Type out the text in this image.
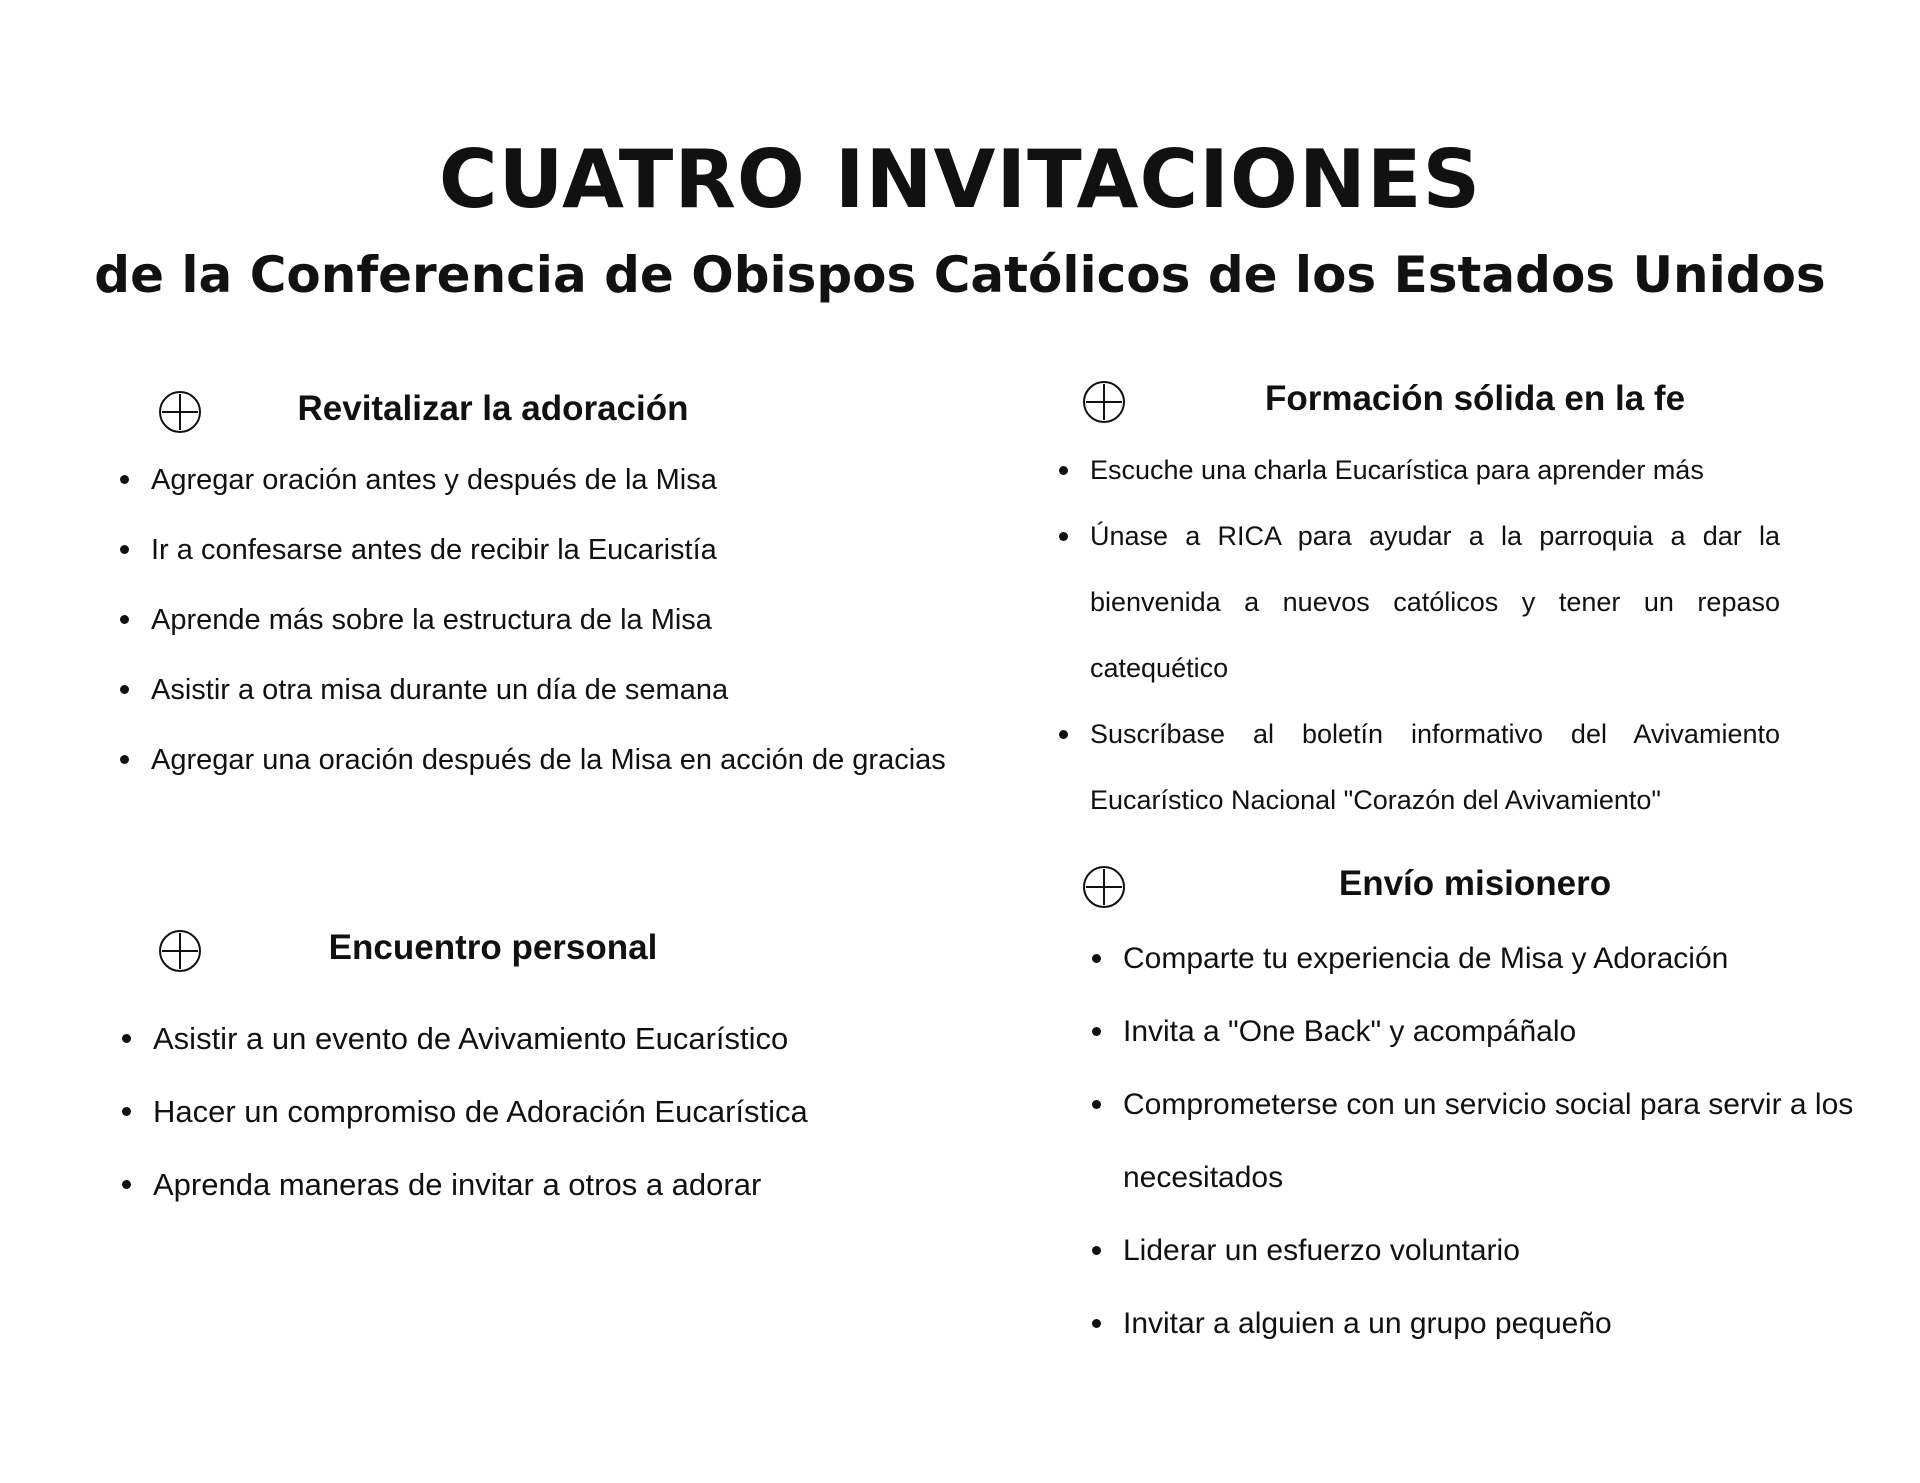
CUATRO INVITACIONES
de la Conferencia de Obispos Católicos de los Estados Unidos
Revitalizar la adoración
Agregar oración antes y después de la Misa
Ir a confesarse antes de recibir la Eucaristía
Aprende más sobre la estructura de la Misa
Asistir a otra misa durante un día de semana
Agregar una oración después de la Misa en acción de gracias
Encuentro personal
Asistir a un evento de Avivamiento Eucarístico
Hacer un compromiso de Adoración Eucarística
Aprenda maneras de invitar a otros a adorar
Formación sólida en la fe
Escuche una charla Eucarística para aprender más
Únase a RICA para ayudar a la parroquia a dar la bienvenida a nuevos católicos y tener un repaso catequético
Suscríbase al boletín informativo del Avivamiento Eucarístico Nacional "Corazón del Avivamiento"
Envío misionero
Comparte tu experiencia de Misa y Adoración
Invita a "One Back" y acompáñalo
Comprometerse con un servicio social para servir a los necesitados
Liderar un esfuerzo voluntario
Invitar a alguien a un grupo pequeño
